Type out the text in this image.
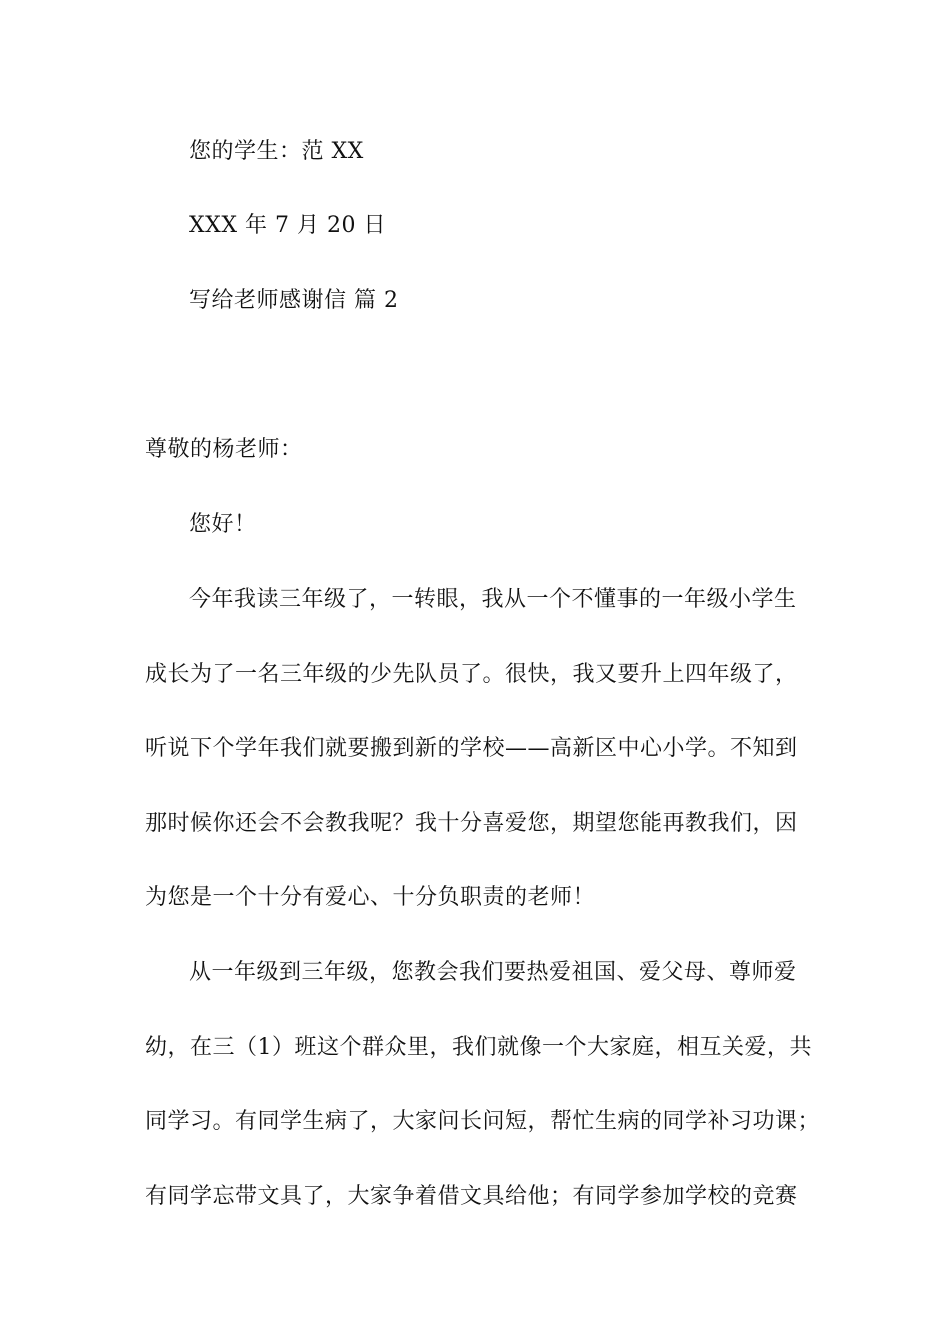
您的学生：范 XX
XXX 年 7 月 20 日
写给老师感谢信 篇 2
尊敬的杨老师：
您好！
今年我读三年级了，一转眼，我从一个不懂事的一年级小学生
成长为了一名三年级的少先队员了。很快，我又要升上四年级了，
听说下个学年我们就要搬到新的学校——高新区中心小学。不知到
那时候你还会不会教我呢？我十分喜爱您，期望您能再教我们，因
为您是一个十分有爱心、十分负职责的老师！
从一年级到三年级，您教会我们要热爱祖国、爱父母、尊师爱
幼，在三（1）班这个群众里，我们就像一个大家庭，相互关爱，共
同学习。有同学生病了，大家问长问短，帮忙生病的同学补习功课；
有同学忘带文具了，大家争着借文具给他；有同学参加学校的竞赛
